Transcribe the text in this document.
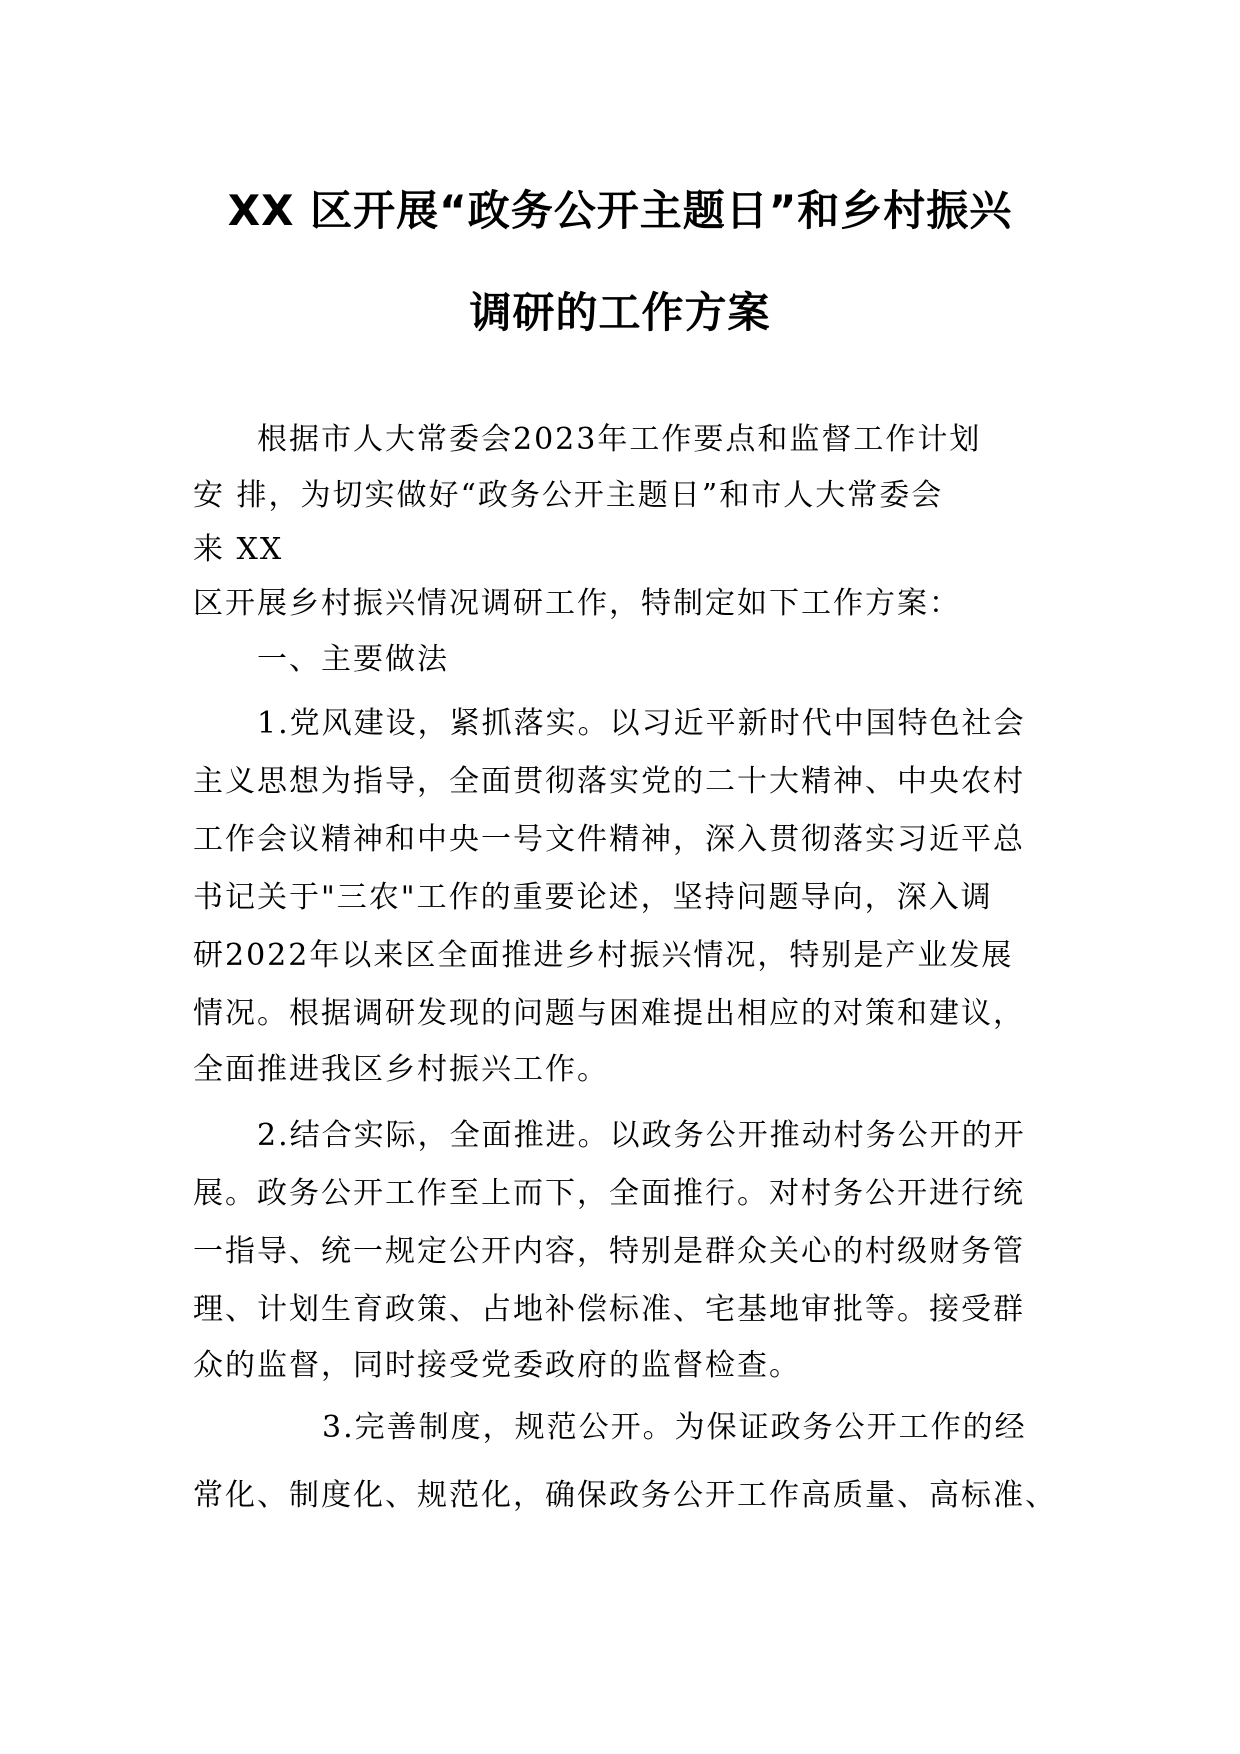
XX 区开展“政务公开主题日”和乡村振兴
调研的工作方案
根据市人大常委会2023年工作要点和监督工作计划
安 排，为切实做好“政务公开主题日”和市人大常委会
来 XX
区开展乡村振兴情况调研工作，特制定如下工作方案：
一、主要做法
1.党风建设，紧抓落实。以习近平新时代中国特色社会
主义思想为指导，全面贯彻落实党的二十大精神、中央农村
工作会议精神和中央一号文件精神，深入贯彻落实习近平总
书记关于"三农"工作的重要论述，坚持问题导向，深入调
研2022年以来区全面推进乡村振兴情况，特别是产业发展
情况。根据调研发现的问题与困难提出相应的对策和建议，
全面推进我区乡村振兴工作。
2.结合实际，全面推进。以政务公开推动村务公开的开
展。政务公开工作至上而下，全面推行。对村务公开进行统
一指导、统一规定公开内容，特别是群众关心的村级财务管
理、计划生育政策、占地补偿标准、宅基地审批等。接受群
众的监督，同时接受党委政府的监督检查。
3.完善制度，规范公开。为保证政务公开工作的经
常化、制度化、规范化，确保政务公开工作高质量、高标准、
